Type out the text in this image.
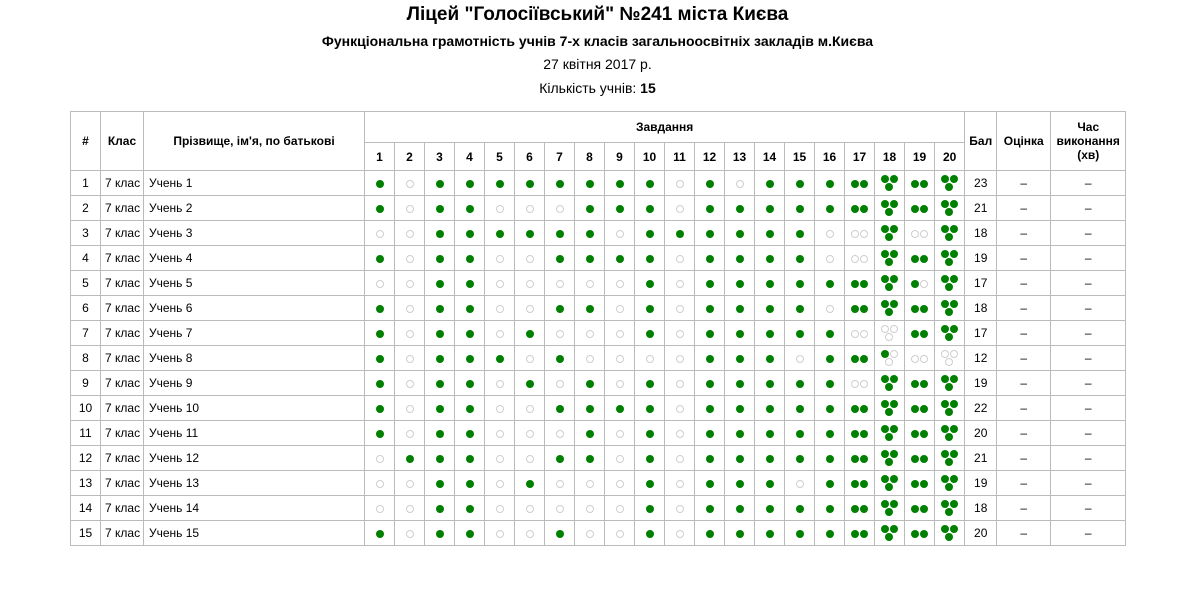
Ліцей "Голосіївський" №241 міста Києва
Функціональна грамотність учнів 7-х класів загальноосвітніх закладів м.Києва
27 квітня 2017 р.
Кількість учнів: 15
#	Клас	Прізвище, ім'я, по батькові	Завдання																				Бал	Оцінка	Час виконання (хв)
			1	2	3	4	5	6	7	8	9	10	11	12	13	14	15	16	17	18	19	20			
1	7 клас	Учень 1																					23	–	–
2	7 клас	Учень 2																					21	–	–
3	7 клас	Учень 3																					18	–	–
4	7 клас	Учень 4																					19	–	–
5	7 клас	Учень 5																					17	–	–
6	7 клас	Учень 6																					18	–	–
7	7 клас	Учень 7																					17	–	–
8	7 клас	Учень 8																					12	–	–
9	7 клас	Учень 9																					19	–	–
10	7 клас	Учень 10																					22	–	–
11	7 клас	Учень 11																					20	–	–
12	7 клас	Учень 12																					21	–	–
13	7 клас	Учень 13																					19	–	–
14	7 клас	Учень 14																					18	–	–
15	7 клас	Учень 15																					20	–	–
